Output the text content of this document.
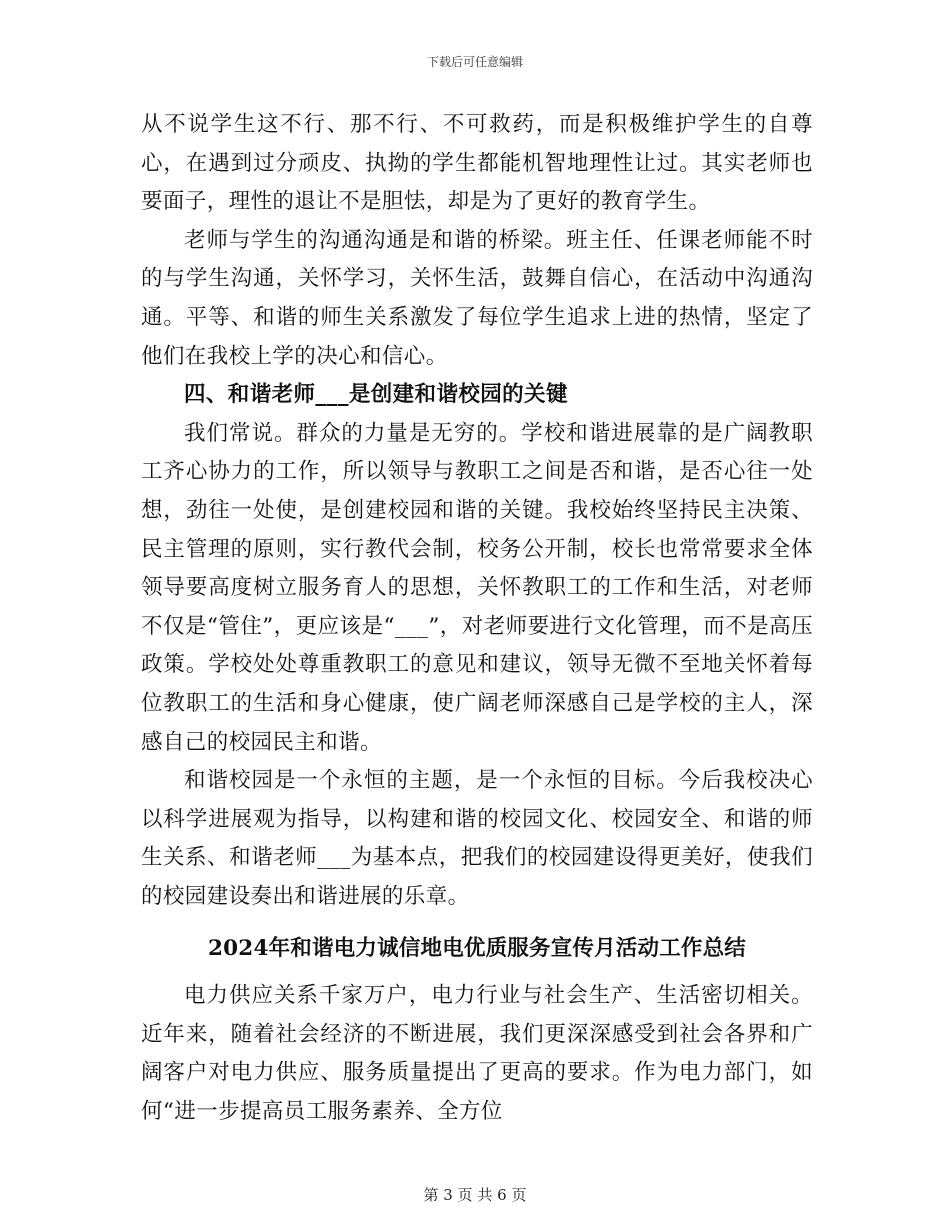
下载后可任意编辑

从不说学生这不行、那不行、不可救药，而是积极维护学生的自尊心，在遇到过分顽皮、执拗的学生都能机智地理性让过。其实老师也要面子，理性的退让不是胆怯，却是为了更好的教育学生。

老师与学生的沟通沟通是和谐的桥梁。班主任、任课老师能不时的与学生沟通，关怀学习，关怀生活，鼓舞自信心，在活动中沟通沟通。平等、和谐的师生关系激发了每位学生追求上进的热情，坚定了他们在我校上学的决心和信心。

四、和谐老师___是创建和谐校园的关键

我们常说。群众的力量是无穷的。学校和谐进展靠的是广阔教职工齐心协力的工作，所以领导与教职工之间是否和谐，是否心往一处想，劲往一处使，是创建校园和谐的关键。我校始终坚持民主决策、民主管理的原则，实行教代会制，校务公开制，校长也常常要求全体领导要高度树立服务育人的思想，关怀教职工的工作和生活，对老师不仅是“管住”，更应该是“___”，对老师要进行文化管理，而不是高压政策。学校处处尊重教职工的意见和建议，领导无微不至地关怀着每位教职工的生活和身心健康，使广阔老师深感自己是学校的主人，深感自己的校园民主和谐。

和谐校园是一个永恒的主题，是一个永恒的目标。今后我校决心以科学进展观为指导，以构建和谐的校园文化、校园安全、和谐的师生关系、和谐老师___为基本点，把我们的校园建设得更美好，使我们的校园建设奏出和谐进展的乐章。

2024年和谐电力诚信地电优质服务宣传月活动工作总结

电力供应关系千家万户，电力行业与社会生产、生活密切相关。近年来，随着社会经济的不断进展，我们更深深感受到社会各界和广阔客户对电力供应、服务质量提出了更高的要求。作为电力部门，如何“进一步提高员工服务素养、全方位

第 3 页 共 6 页
